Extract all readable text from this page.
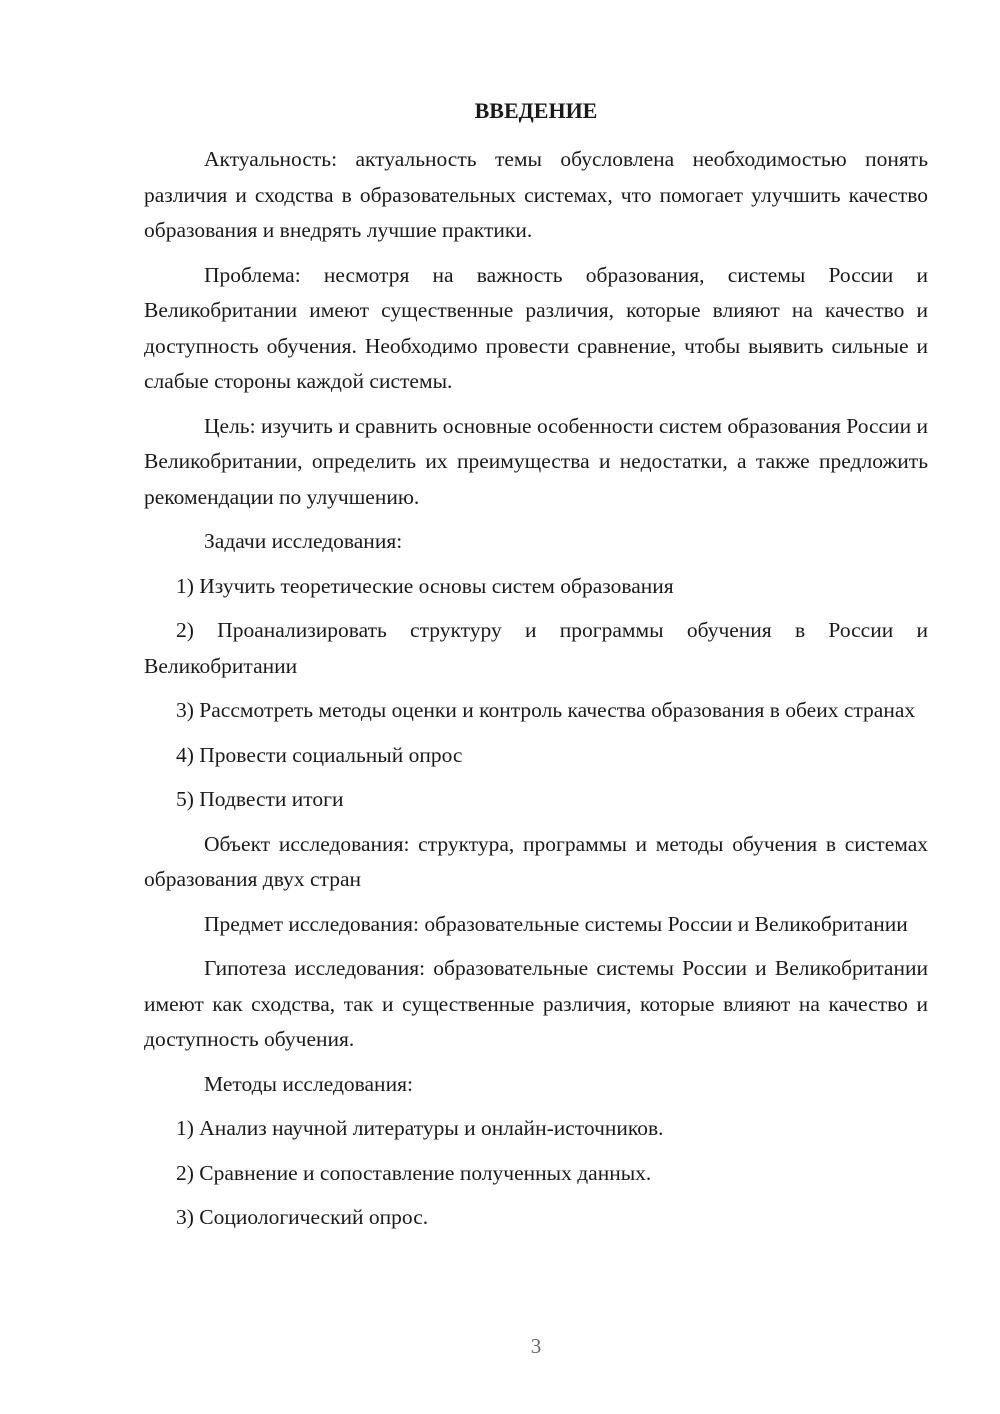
ВВЕДЕНИЕ

Актуальность: актуальность темы обусловлена необходимостью понять различия и сходства в образовательных системах, что помогает улучшить качество образования и внедрять лучшие практики.

Проблема: несмотря на важность образования, системы России и Великобритании имеют существенные различия, которые влияют на качество и доступность обучения. Необходимо провести сравнение, чтобы выявить сильные и слабые стороны каждой системы.

Цель: изучить и сравнить основные особенности систем образования России и Великобритании, определить их преимущества и недостатки, а также предложить рекомендации по улучшению.

Задачи исследования:

1) Изучить теоретические основы систем образования

2) Проанализировать структуру и программы обучения в России и Великобритании

3) Рассмотреть методы оценки и контроль качества образования в обеих странах

4) Провести социальный опрос

5) Подвести итоги

Объект исследования: структура, программы и методы обучения в системах образования двух стран

Предмет исследования: образовательные системы России и Великобритании

Гипотеза исследования: образовательные системы России и Великобритании имеют как сходства, так и существенные различия, которые влияют на качество и доступность обучения.

Методы исследования:

1) Анализ научной литературы и онлайн-источников.

2) Сравнение и сопоставление полученных данных.

3) Социологический опрос.

3
